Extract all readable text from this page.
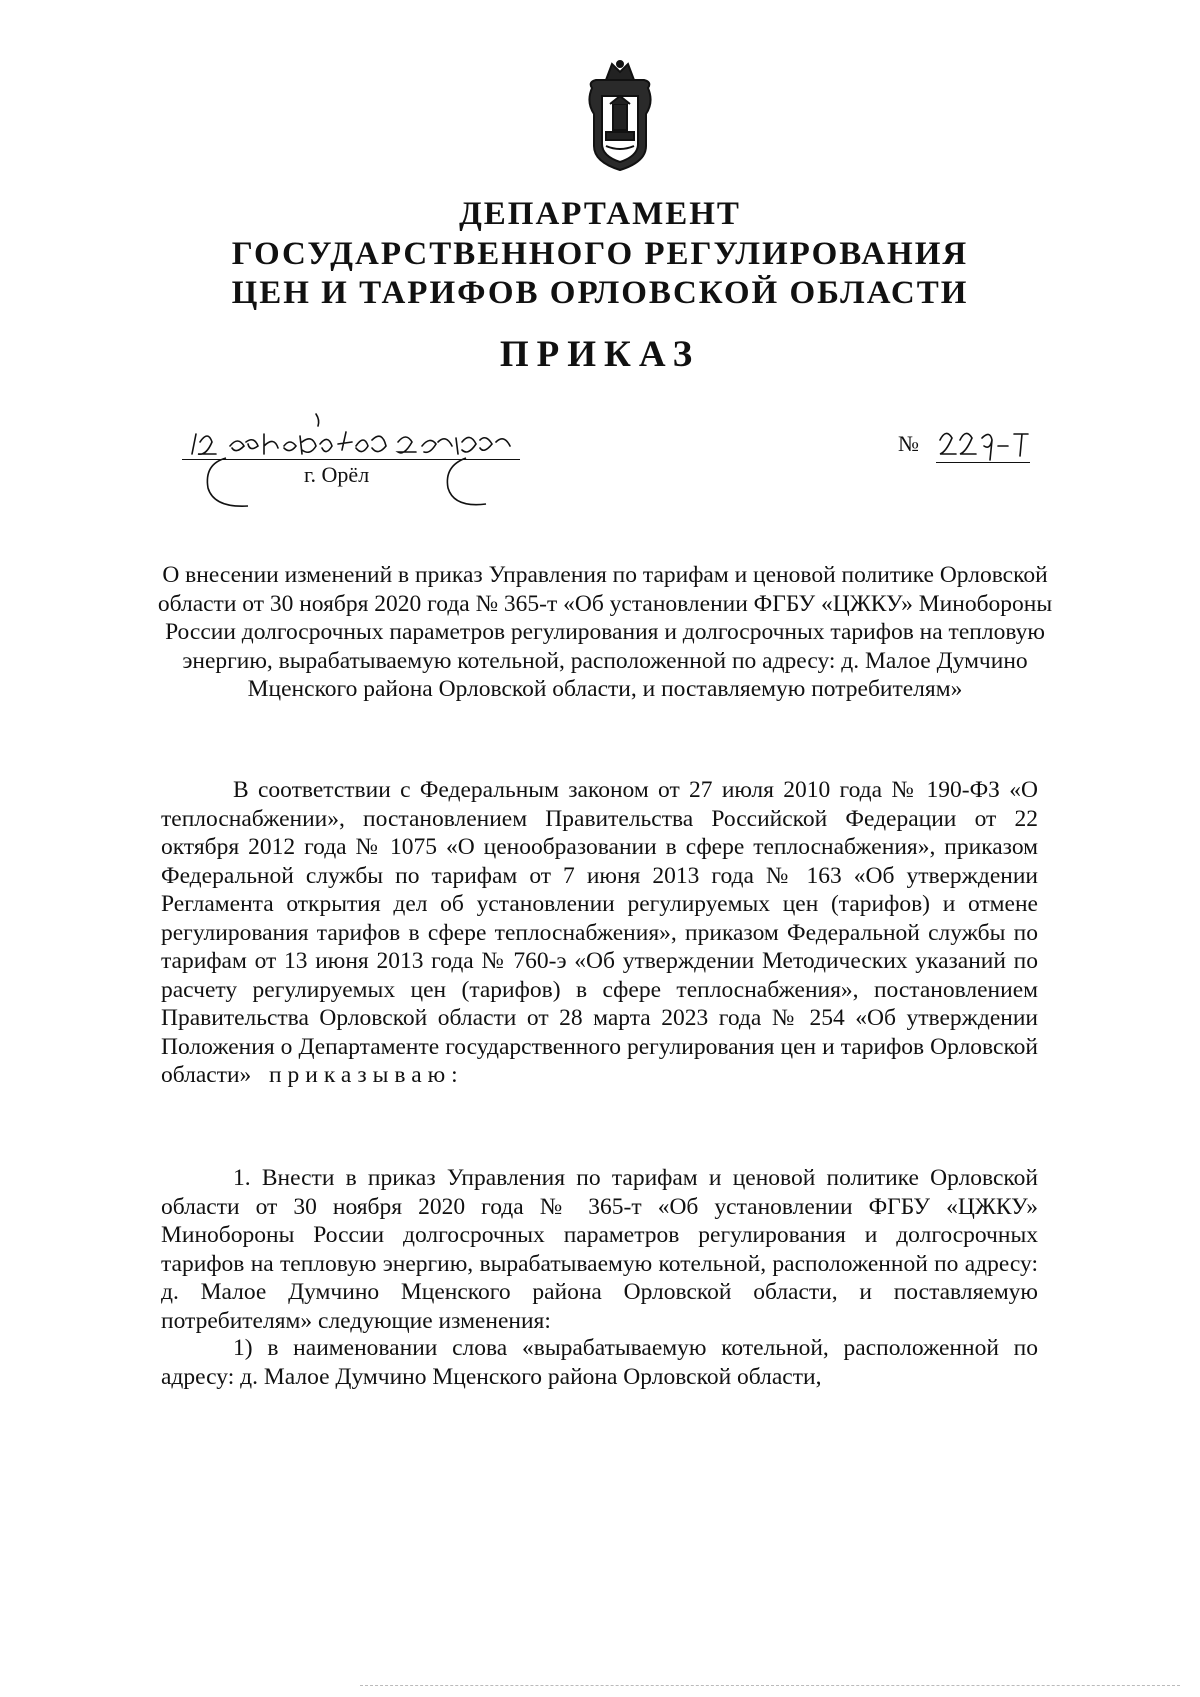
ДЕПАРТАМЕНТ
ГОСУДАРСТВЕННОГО РЕГУЛИРОВАНИЯ
ЦЕН И ТАРИФОВ ОРЛОВСКОЙ ОБЛАСТИ
ПРИКАЗ
г. Орёл
№
О внесении изменений в приказ Управления по тарифам и ценовой политике Орловской области от 30 ноября 2020 года № 365-т «Об установлении ФГБУ «ЦЖКУ» Минобороны России долгосрочных параметров регулирования и долгосрочных тарифов на тепловую энергию, вырабатываемую котельной, расположенной по адресу: д. Малое Думчино Мценского района Орловской области, и поставляемую потребителям»

В соответствии с Федеральным законом от 27 июля 2010 года № 190-ФЗ «О теплоснабжении», постановлением Правительства Российской Федерации от 22 октября 2012 года № 1075 «О ценообразовании в сфере теплоснабжения», приказом Федеральной службы по тарифам от 7 июня 2013 года № 163 «Об утверждении Регламента открытия дел об установлении регулируемых цен (тарифов) и отмене регулирования тарифов в сфере теплоснабжения», приказом Федеральной службы по тарифам от 13 июня 2013 года № 760-э «Об утверждении Методических указаний по расчету регулируемых цен (тарифов) в сфере теплоснабжения», постановлением Правительства Орловской области от 28 марта 2023 года № 254 «Об утверждении Положения о Департаменте государственного регулирования цен и тарифов Орловской области» приказываю:

1. Внести в приказ Управления по тарифам и ценовой политике Орловской области от 30 ноября 2020 года № 365-т «Об установлении ФГБУ «ЦЖКУ» Минобороны России долгосрочных параметров регулирования и долгосрочных тарифов на тепловую энергию, вырабатываемую котельной, расположенной по адресу: д. Малое Думчино Мценского района Орловской области, и поставляемую потребителям» следующие изменения:

1) в наименовании слова «вырабатываемую котельной, расположенной по адресу: д. Малое Думчино Мценского района Орловской области,
